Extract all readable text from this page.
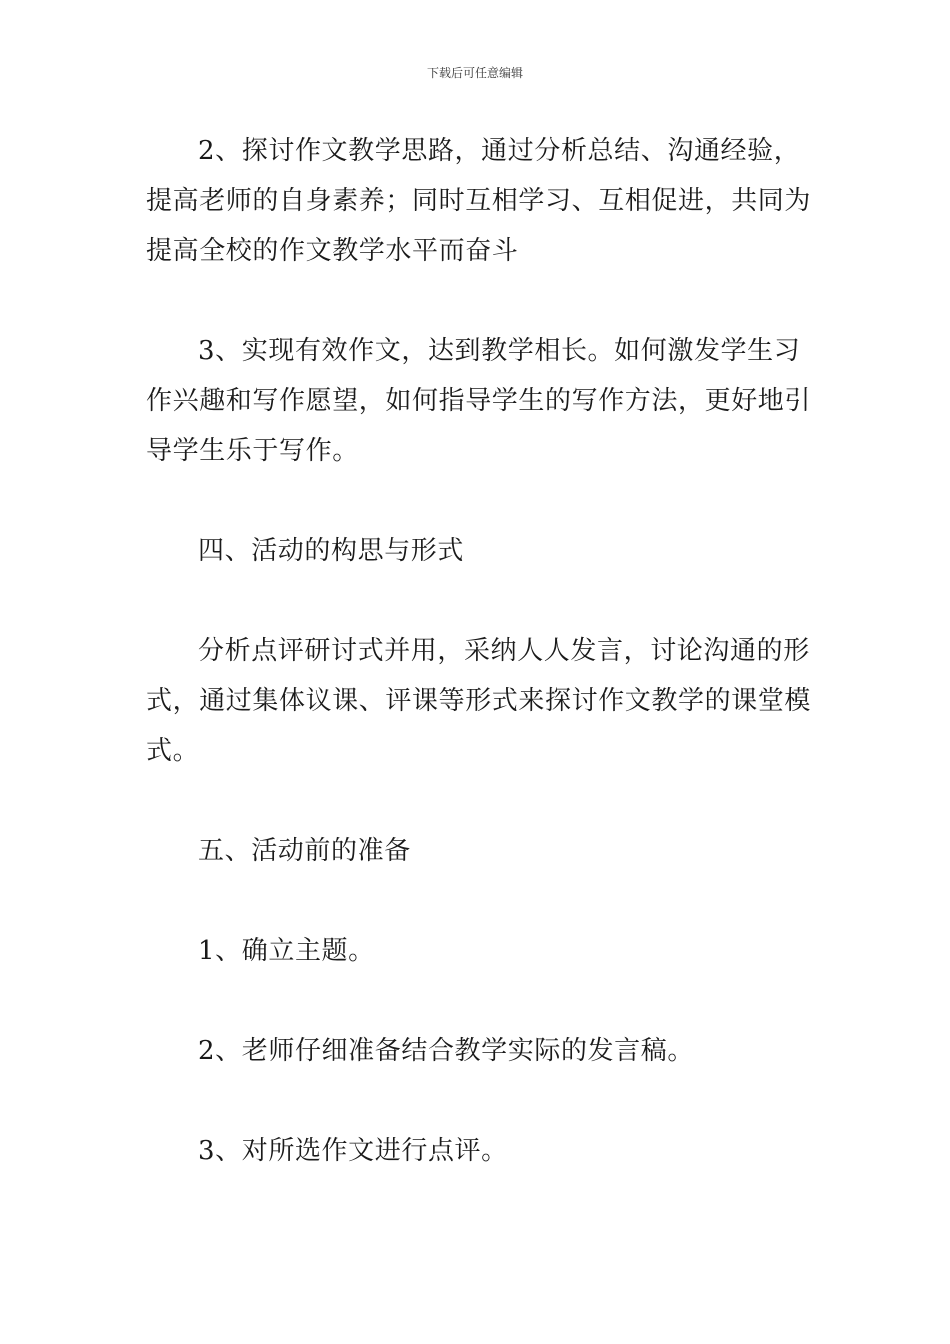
下载后可任意编辑

2、探讨作文教学思路，通过分析总结、沟通经验，提高老师的自身素养；同时互相学习、互相促进，共同为提高全校的作文教学水平而奋斗

3、实现有效作文，达到教学相长。如何激发学生习作兴趣和写作愿望，如何指导学生的写作方法，更好地引导学生乐于写作。

四、活动的构思与形式

分析点评研讨式并用，采纳人人发言，讨论沟通的形式，通过集体议课、评课等形式来探讨作文教学的课堂模式。

五、活动前的准备

1、确立主题。

2、老师仔细准备结合教学实际的发言稿。

3、对所选作文进行点评。
